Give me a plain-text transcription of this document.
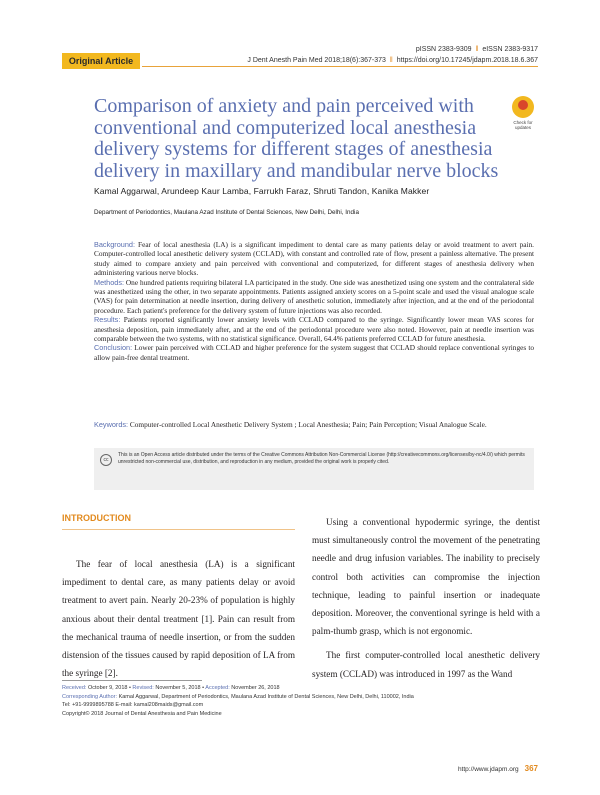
Original Article
pISSN 2383-9309 ‖ eISSN 2383-9317
J Dent Anesth Pain Med 2018;18(6):367-373 ‖ https://doi.org/10.17245/jdapm.2018.18.6.367
Check for updates
Comparison of anxiety and pain perceived with conventional and computerized local anesthesia delivery systems for different stages of anesthesia delivery in maxillary and mandibular nerve blocks
Kamal Aggarwal, Arundeep Kaur Lamba, Farrukh Faraz, Shruti Tandon, Kanika Makker
Department of Periodontics, Maulana Azad Institute of Dental Sciences, New Delhi, Delhi, India

Background: Fear of local anesthesia (LA) is a significant impediment to dental care as many patients delay or avoid treatment to avert pain. Computer-controlled local anesthetic delivery system (CCLAD), with constant and controlled rate of flow, present a painless alternative. The present study aimed to compare anxiety and pain perceived with conventional and computerized, for different stages of anesthesia delivery when administering various nerve blocks.

Methods: One hundred patients requiring bilateral LA participated in the study. One side was anesthetized using one system and the contralateral side was anesthetized using the other, in two separate appointments. Patients assigned anxiety scores on a 5-point scale and used the visual analogue scale (VAS) for pain determination at needle insertion, during delivery of anesthetic solution, immediately after injection, and at the end of the periodontal procedure. Each patient's preference for the delivery system of future injections was also recorded.

Results: Patients reported significantly lower anxiety levels with CCLAD compared to the syringe. Significantly lower mean VAS scores for anesthesia deposition, pain immediately after, and at the end of the periodontal procedure were also noted. However, pain at needle insertion was comparable between the two systems, with no statistical significance. Overall, 64.4% patients preferred CCLAD for future anesthesia.

Conclusion: Lower pain perceived with CCLAD and higher preference for the system suggest that CCLAD should replace conventional syringes to allow pain-free dental treatment.

Keywords: Computer-controlled Local Anesthetic Delivery System ; Local Anesthesia; Pain; Pain Perception; Visual Analogue Scale.
cc
This is an Open Access article distributed under the terms of the Creative Commons Attribution Non-Commercial License (http://creativecommons.org/licenses/by-nc/4.0/) which permits unrestricted non-commercial use, distribution, and reproduction in any medium, provided the original work is properly cited.
INTRODUCTION

The fear of local anesthesia (LA) is a significant impediment to dental care, as many patients delay or avoid treatment to avert pain. Nearly 20-23% of population is highly anxious about their dental treatment [1]. Pain can result from the mechanical trauma of needle insertion, or from the sudden distension of the tissues caused by rapid deposition of LA from the syringe [2].

Using a conventional hypodermic syringe, the dentist must simultaneously control the movement of the penetrating needle and drug infusion variables. The inability to precisely control both activities can compromise the injection technique, leading to painful insertion or inadequate deposition. Moreover, the conventional syringe is held with a palm-thumb grasp, which is not ergonomic.

The first computer-controlled local anesthetic delivery system (CCLAD) was introduced in 1997 as the Wand

Received: October 9, 2018 • Revised: November 5, 2018 • Accepted: November 26, 2018
Corresponding Author: Kamal Aggarwal, Department of Periodontics, Maulana Azad Institute of Dental Sciences, New Delhi, Delhi, 110002, India
Tel: +91-9999895788 E-mail: kamal208maids@gmail.com
Copyright© 2018 Journal of Dental Anesthesia and Pain Medicine
http://www.jdapm.org 367
